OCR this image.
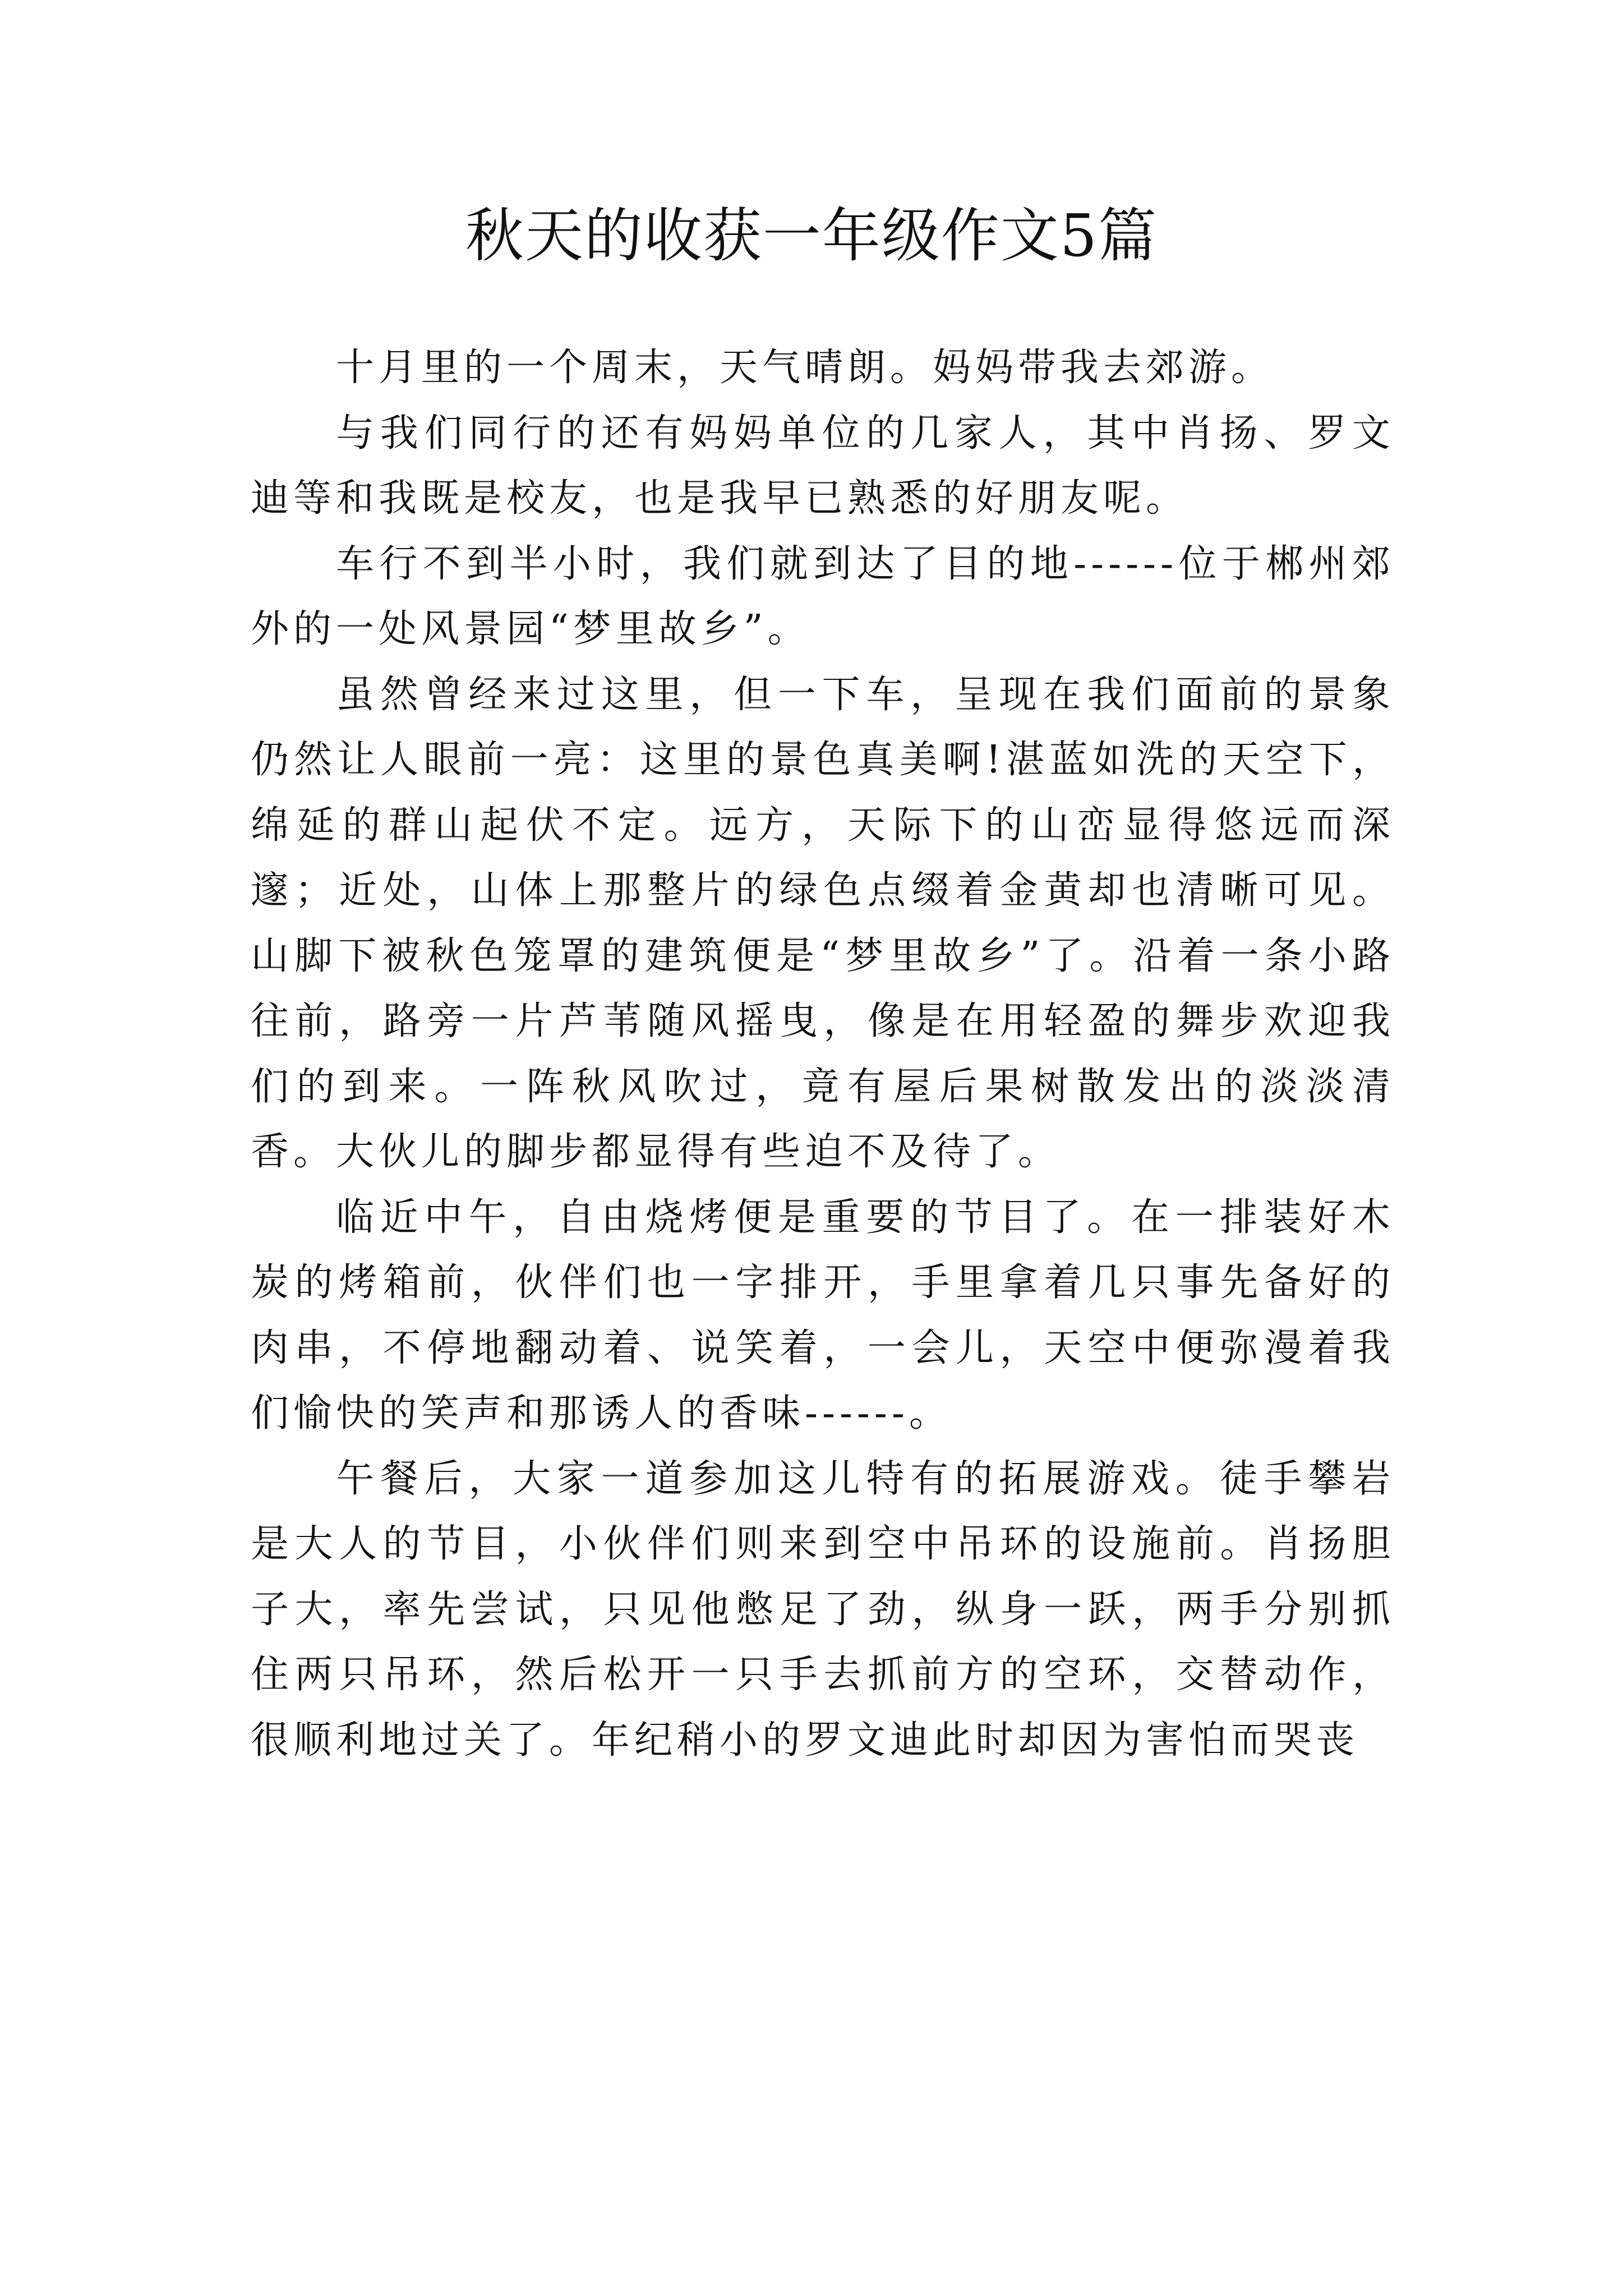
秋天的收获一年级作文5篇

十月里的一个周末，天气晴朗。妈妈带我去郊游。

与我们同行的还有妈妈单位的几家人，其中肖扬、罗文迪等和我既是校友，也是我早已熟悉的好朋友呢。

车行不到半小时，我们就到达了目的地------位于郴州郊外的一处风景园“梦里故乡”。

虽然曾经来过这里，但一下车，呈现在我们面前的景象仍然让人眼前一亮：这里的景色真美啊!湛蓝如洗的天空下，绵延的群山起伏不定。远方，天际下的山峦显得悠远而深邃；近处，山体上那整片的绿色点缀着金黄却也清晰可见。山脚下被秋色笼罩的建筑便是“梦里故乡”了。沿着一条小路往前，路旁一片芦苇随风摇曳，像是在用轻盈的舞步欢迎我们的到来。一阵秋风吹过，竟有屋后果树散发出的淡淡清香。大伙儿的脚步都显得有些迫不及待了。

临近中午，自由烧烤便是重要的节目了。在一排装好木炭的烤箱前，伙伴们也一字排开，手里拿着几只事先备好的肉串，不停地翻动着、说笑着，一会儿，天空中便弥漫着我们愉快的笑声和那诱人的香味------。

午餐后，大家一道参加这儿特有的拓展游戏。徒手攀岩是大人的节目，小伙伴们则来到空中吊环的设施前。肖扬胆子大，率先尝试，只见他憋足了劲，纵身一跃，两手分别抓住两只吊环，然后松开一只手去抓前方的空环，交替动作，很顺利地过关了。年纪稍小的罗文迪此时却因为害怕而哭丧
